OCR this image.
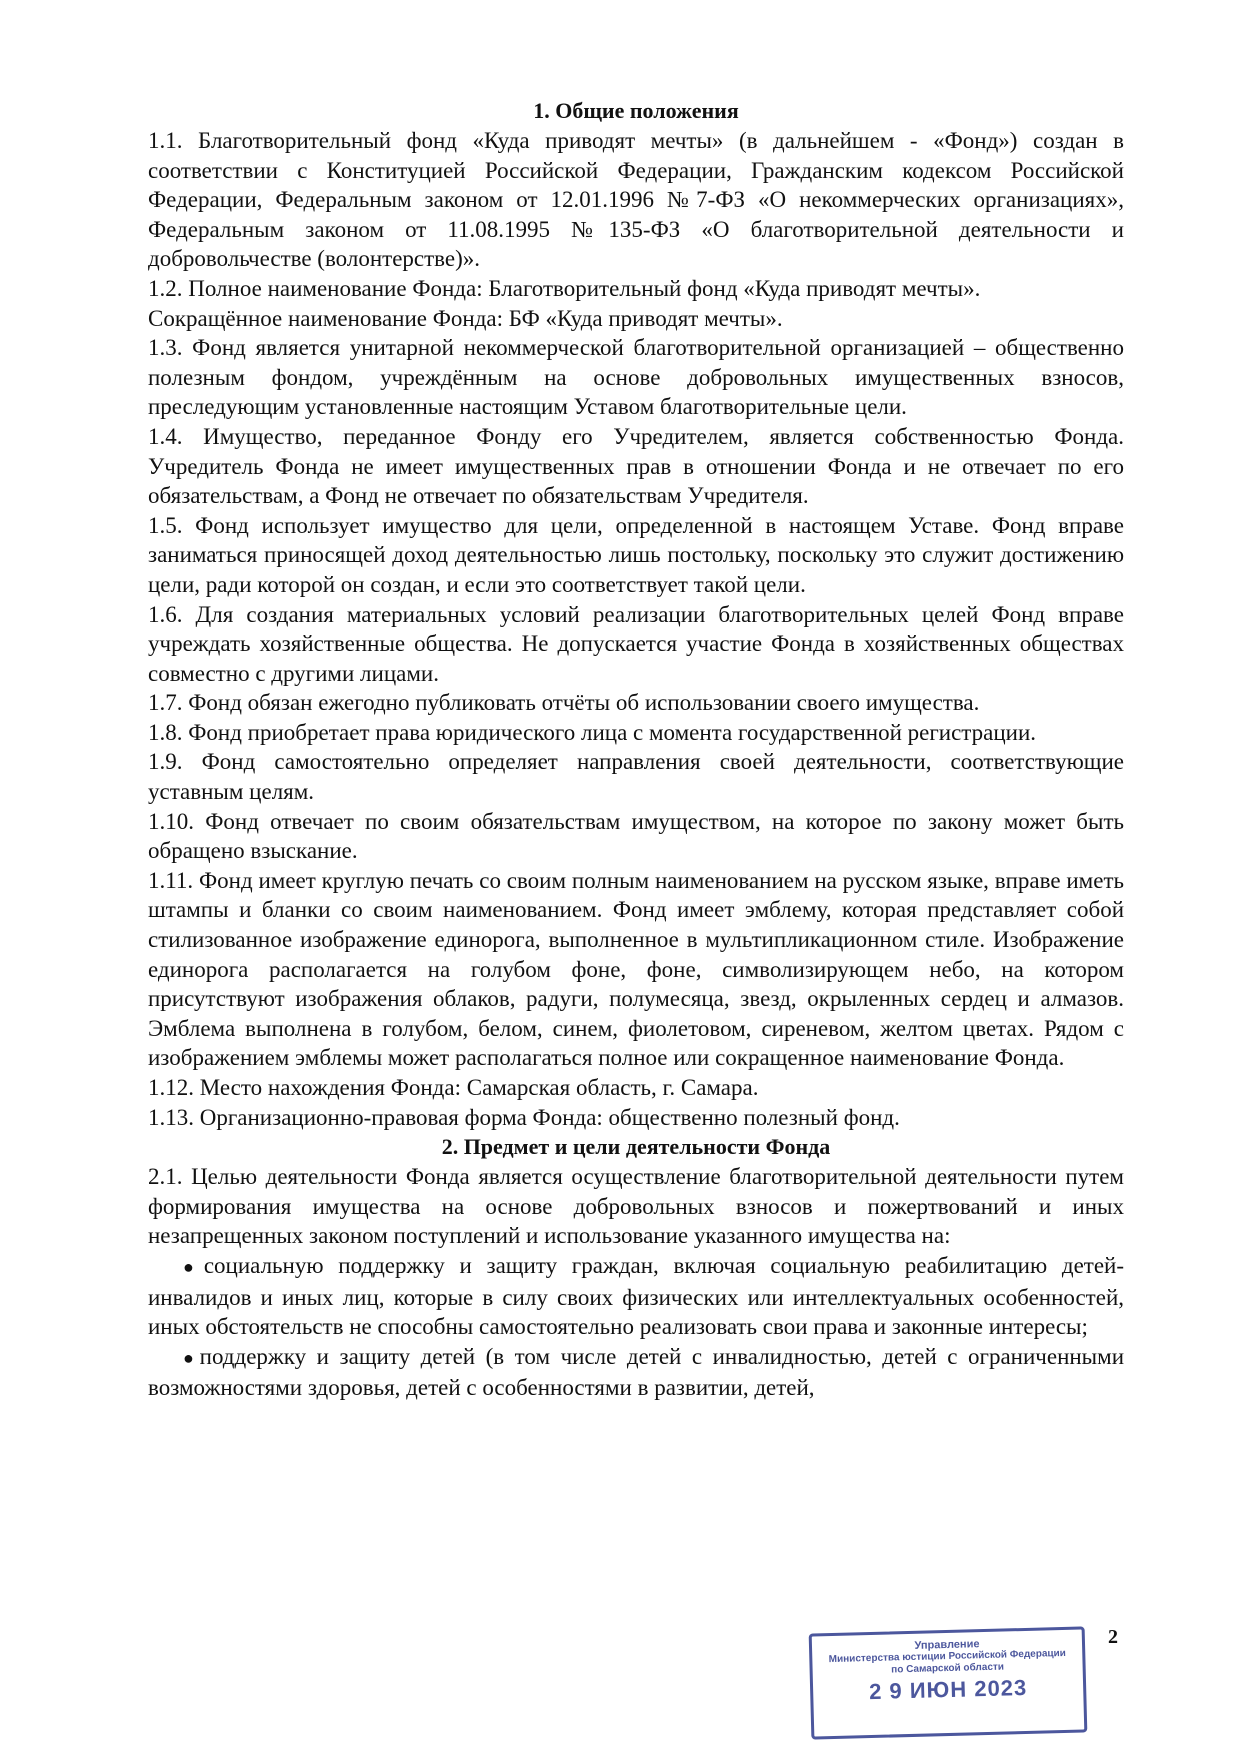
1. Общие положения

1.1. Благотворительный фонд «Куда приводят мечты» (в дальнейшем - «Фонд») создан в соответствии с Конституцией Российской Федерации, Гражданским кодексом Российской Федерации, Федеральным законом от 12.01.1996 №7-ФЗ «О некоммерческих организациях», Федеральным законом от 11.08.1995 №135-ФЗ «О благотворительной деятельности и добровольчестве (волонтерстве)».

1.2. Полное наименование Фонда: Благотворительный фонд «Куда приводят мечты».

Сокращённое наименование Фонда: БФ «Куда приводят мечты».

1.3. Фонд является унитарной некоммерческой благотворительной организацией – общественно полезным фондом, учреждённым на основе добровольных имущественных взносов, преследующим установленные настоящим Уставом благотворительные цели.

1.4. Имущество, переданное Фонду его Учредителем, является собственностью Фонда. Учредитель Фонда не имеет имущественных прав в отношении Фонда и не отвечает по его обязательствам, а Фонд не отвечает по обязательствам Учредителя.

1.5. Фонд использует имущество для цели, определенной в настоящем Уставе. Фонд вправе заниматься приносящей доход деятельностью лишь постольку, поскольку это служит достижению цели, ради которой он создан, и если это соответствует такой цели.

1.6. Для создания материальных условий реализации благотворительных целей Фонд вправе учреждать хозяйственные общества. Не допускается участие Фонда в хозяйственных обществах совместно с другими лицами.

1.7. Фонд обязан ежегодно публиковать отчёты об использовании своего имущества.

1.8. Фонд приобретает права юридического лица с момента государственной регистрации.

1.9. Фонд самостоятельно определяет направления своей деятельности, соответствующие уставным целям.

1.10. Фонд отвечает по своим обязательствам имуществом, на которое по закону может быть обращено взыскание.

1.11. Фонд имеет круглую печать со своим полным наименованием на русском языке, вправе иметь штампы и бланки со своим наименованием. Фонд имеет эмблему, которая представляет собой стилизованное изображение единорога, выполненное в мультипликационном стиле. Изображение единорога располагается на голубом фоне, фоне, символизирующем небо, на котором присутствуют изображения облаков, радуги, полумесяца, звезд, окрыленных сердец и алмазов. Эмблема выполнена в голубом, белом, синем, фиолетовом, сиреневом, желтом цветах. Рядом с изображением эмблемы может располагаться полное или сокращенное наименование Фонда.

1.12. Место нахождения Фонда: Самарская область, г. Самара.

1.13. Организационно-правовая форма Фонда: общественно полезный фонд.

2. Предмет и цели деятельности Фонда

2.1. Целью деятельности Фонда является осуществление благотворительной деятельности путем формирования имущества на основе добровольных взносов и пожертвований и иных незапрещенных законом поступлений и использование указанного имущества на:

●социальную поддержку и защиту граждан, включая социальную реабилитацию детей-инвалидов и иных лиц, которые в силу своих физических или интеллектуальных особенностей, иных обстоятельств не способны самостоятельно реализовать свои права и законные интересы;

●поддержку и защиту детей (в том числе детей с инвалидностью, детей с ограниченными возможностями здоровья, детей с особенностями в развитии, детей,

Управление
Министерства юстиции Российской Федерации
по Самарской области
2 9 ИЮН 2023
2
